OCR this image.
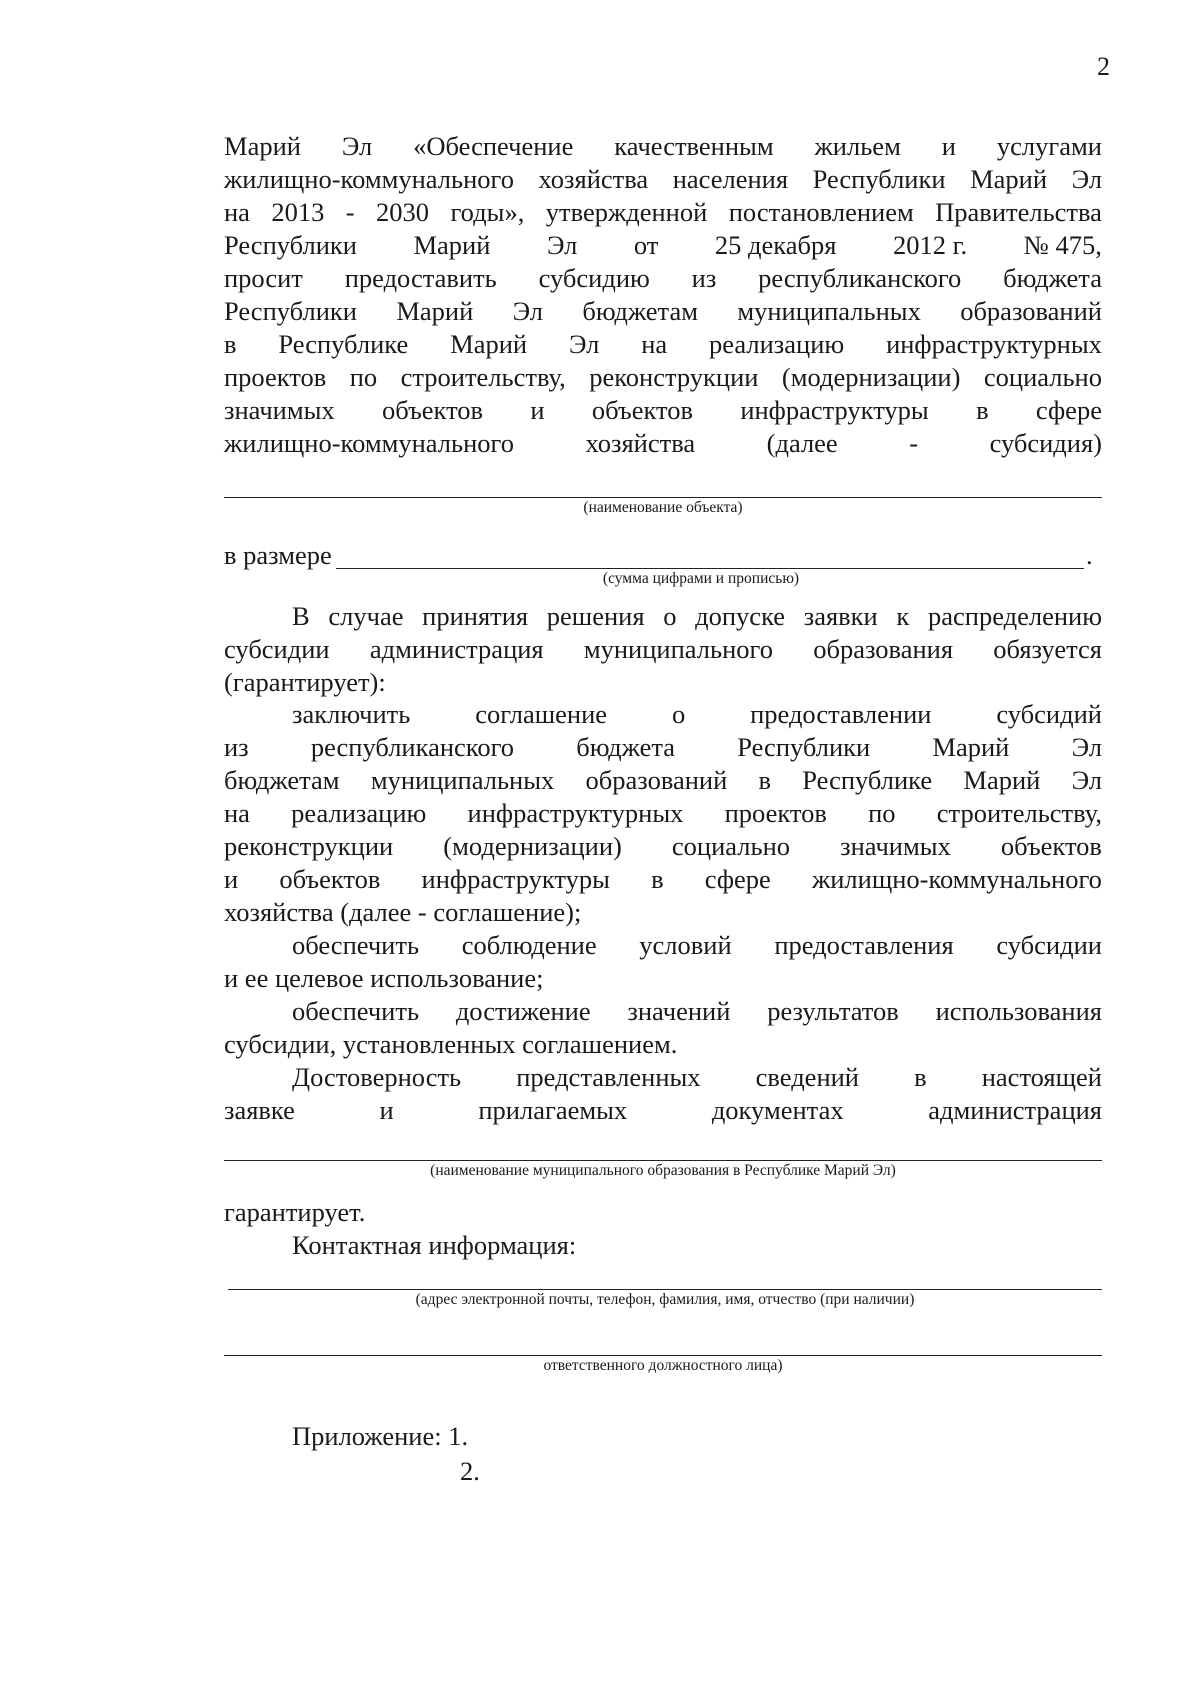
2
Марий Эл «Обеспечение качественным жильем и услугами
жилищно-коммунального хозяйства населения Республики Марий Эл
на 2013 - 2030 годы», утвержденной постановлением Правительства
Республики Марий Эл от 25 декабря 2012 г. № 475,
просит предоставить субсидию из республиканского бюджета
Республики Марий Эл бюджетам муниципальных образований
в Республике Марий Эл на реализацию инфраструктурных
проектов по строительству, реконструкции (модернизации) социально
значимых объектов и объектов инфраструктуры в сфере
жилищно-коммунального	хозяйства	(далее	-	субсидия)
(наименование объекта)
в размере	.
(сумма цифрами и прописью)
В случае принятия решения о допуске заявки к распределению
субсидии администрация муниципального образования обязуется
(гарантирует):
заключить соглашение о предоставлении субсидий
из республиканского бюджета Республики Марий Эл
бюджетам муниципальных образований в Республике Марий Эл
на реализацию инфраструктурных проектов по строительству,
реконструкции (модернизации) социально значимых объектов
и объектов инфраструктуры в сфере жилищно-коммунального
хозяйства (далее - соглашение);
обеспечить соблюдение условий предоставления субсидии
и ее целевое использование;
обеспечить достижение значений результатов использования
субсидии, установленных соглашением.
Достоверность представленных сведений в настоящей
заявке	и	прилагаемых	документах	администрация
(наименование муниципального образования в Республике Марий Эл)
гарантирует.
Контактная информация:
(адрес электронной почты, телефон, фамилия, имя, отчество (при наличии)
ответственного должностного лица)
Приложение: 1.
2.
